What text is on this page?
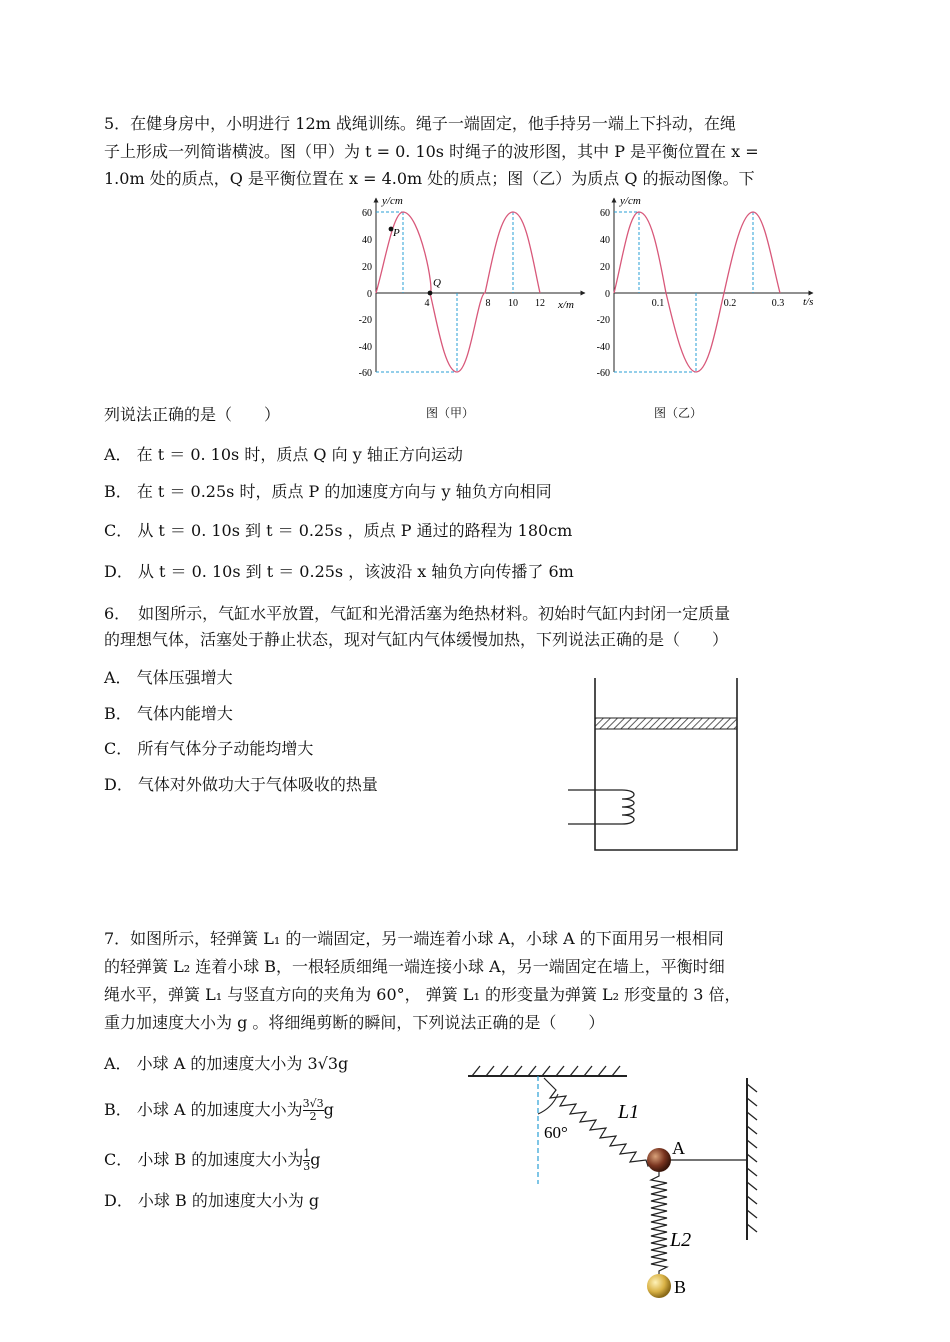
5．在健身房中，小明进行 12m 战绳训练。绳子一端固定，他手持另一端上下抖动，在绳
子上形成一列简谐横波。图（甲）为 t = 0. 10s 时绳子的波形图，其中 P 是平衡位置在 x =
1.0m 处的质点，Q 是平衡位置在 x = 4.0m 处的质点；图（乙）为质点 Q 的振动图像。下
y/cm
x/m
60
40
20
0
-20
-40
-60
4	8 10 12
P
Q
y/cm
t/s
60
40
20
0
-20
-40
-60
0.1	0.2	0.3
列说法正确的是（　　）	图（甲）	图（乙）
A． 在 t ＝ 0. 10s 时，质点 Q 向 y 轴正方向运动
B． 在 t ＝ 0.25s 时，质点 P 的加速度方向与 y 轴负方向相同
C． 从 t ＝ 0. 10s 到 t ＝ 0.25s ，质点 P 通过的路程为 180cm
D． 从 t ＝ 0. 10s 到 t ＝ 0.25s ，该波沿 x 轴负方向传播了 6m
6．　如图所示，气缸水平放置，气缸和光滑活塞为绝热材料。初始时气缸内封闭一定质量
的理想气体，活塞处于静止状态，现对气缸内气体缓慢加热，下列说法正确的是（　　）
A． 气体压强增大
B． 气体内能增大
C． 所有气体分子动能均增大
D． 气体对外做功大于气体吸收的热量
7．如图所示，轻弹簧 L₁ 的一端固定，另一端连着小球 A，小球 A 的下面用另一根相同
的轻弹簧 L₂ 连着小球 B，一根轻质细绳一端连接小球 A，另一端固定在墙上，平衡时细
绳水平，弹簧 L₁ 与竖直方向的夹角为 60°， 弹簧 L₁ 的形变量为弹簧 L₂ 形变量的 3 倍，
重力加速度大小为 g 。将细绳剪断的瞬间，下列说法正确的是（　　）
A． 小球 A 的加速度大小为 3√3g
B． 小球 A 的加速度大小为 $\frac{3√3}{2}$ g
C． 小球 B 的加速度大小为 $\frac{1}{3}$ g
D． 小球 B 的加速度大小为 g
60°
L1
A
L2
B
